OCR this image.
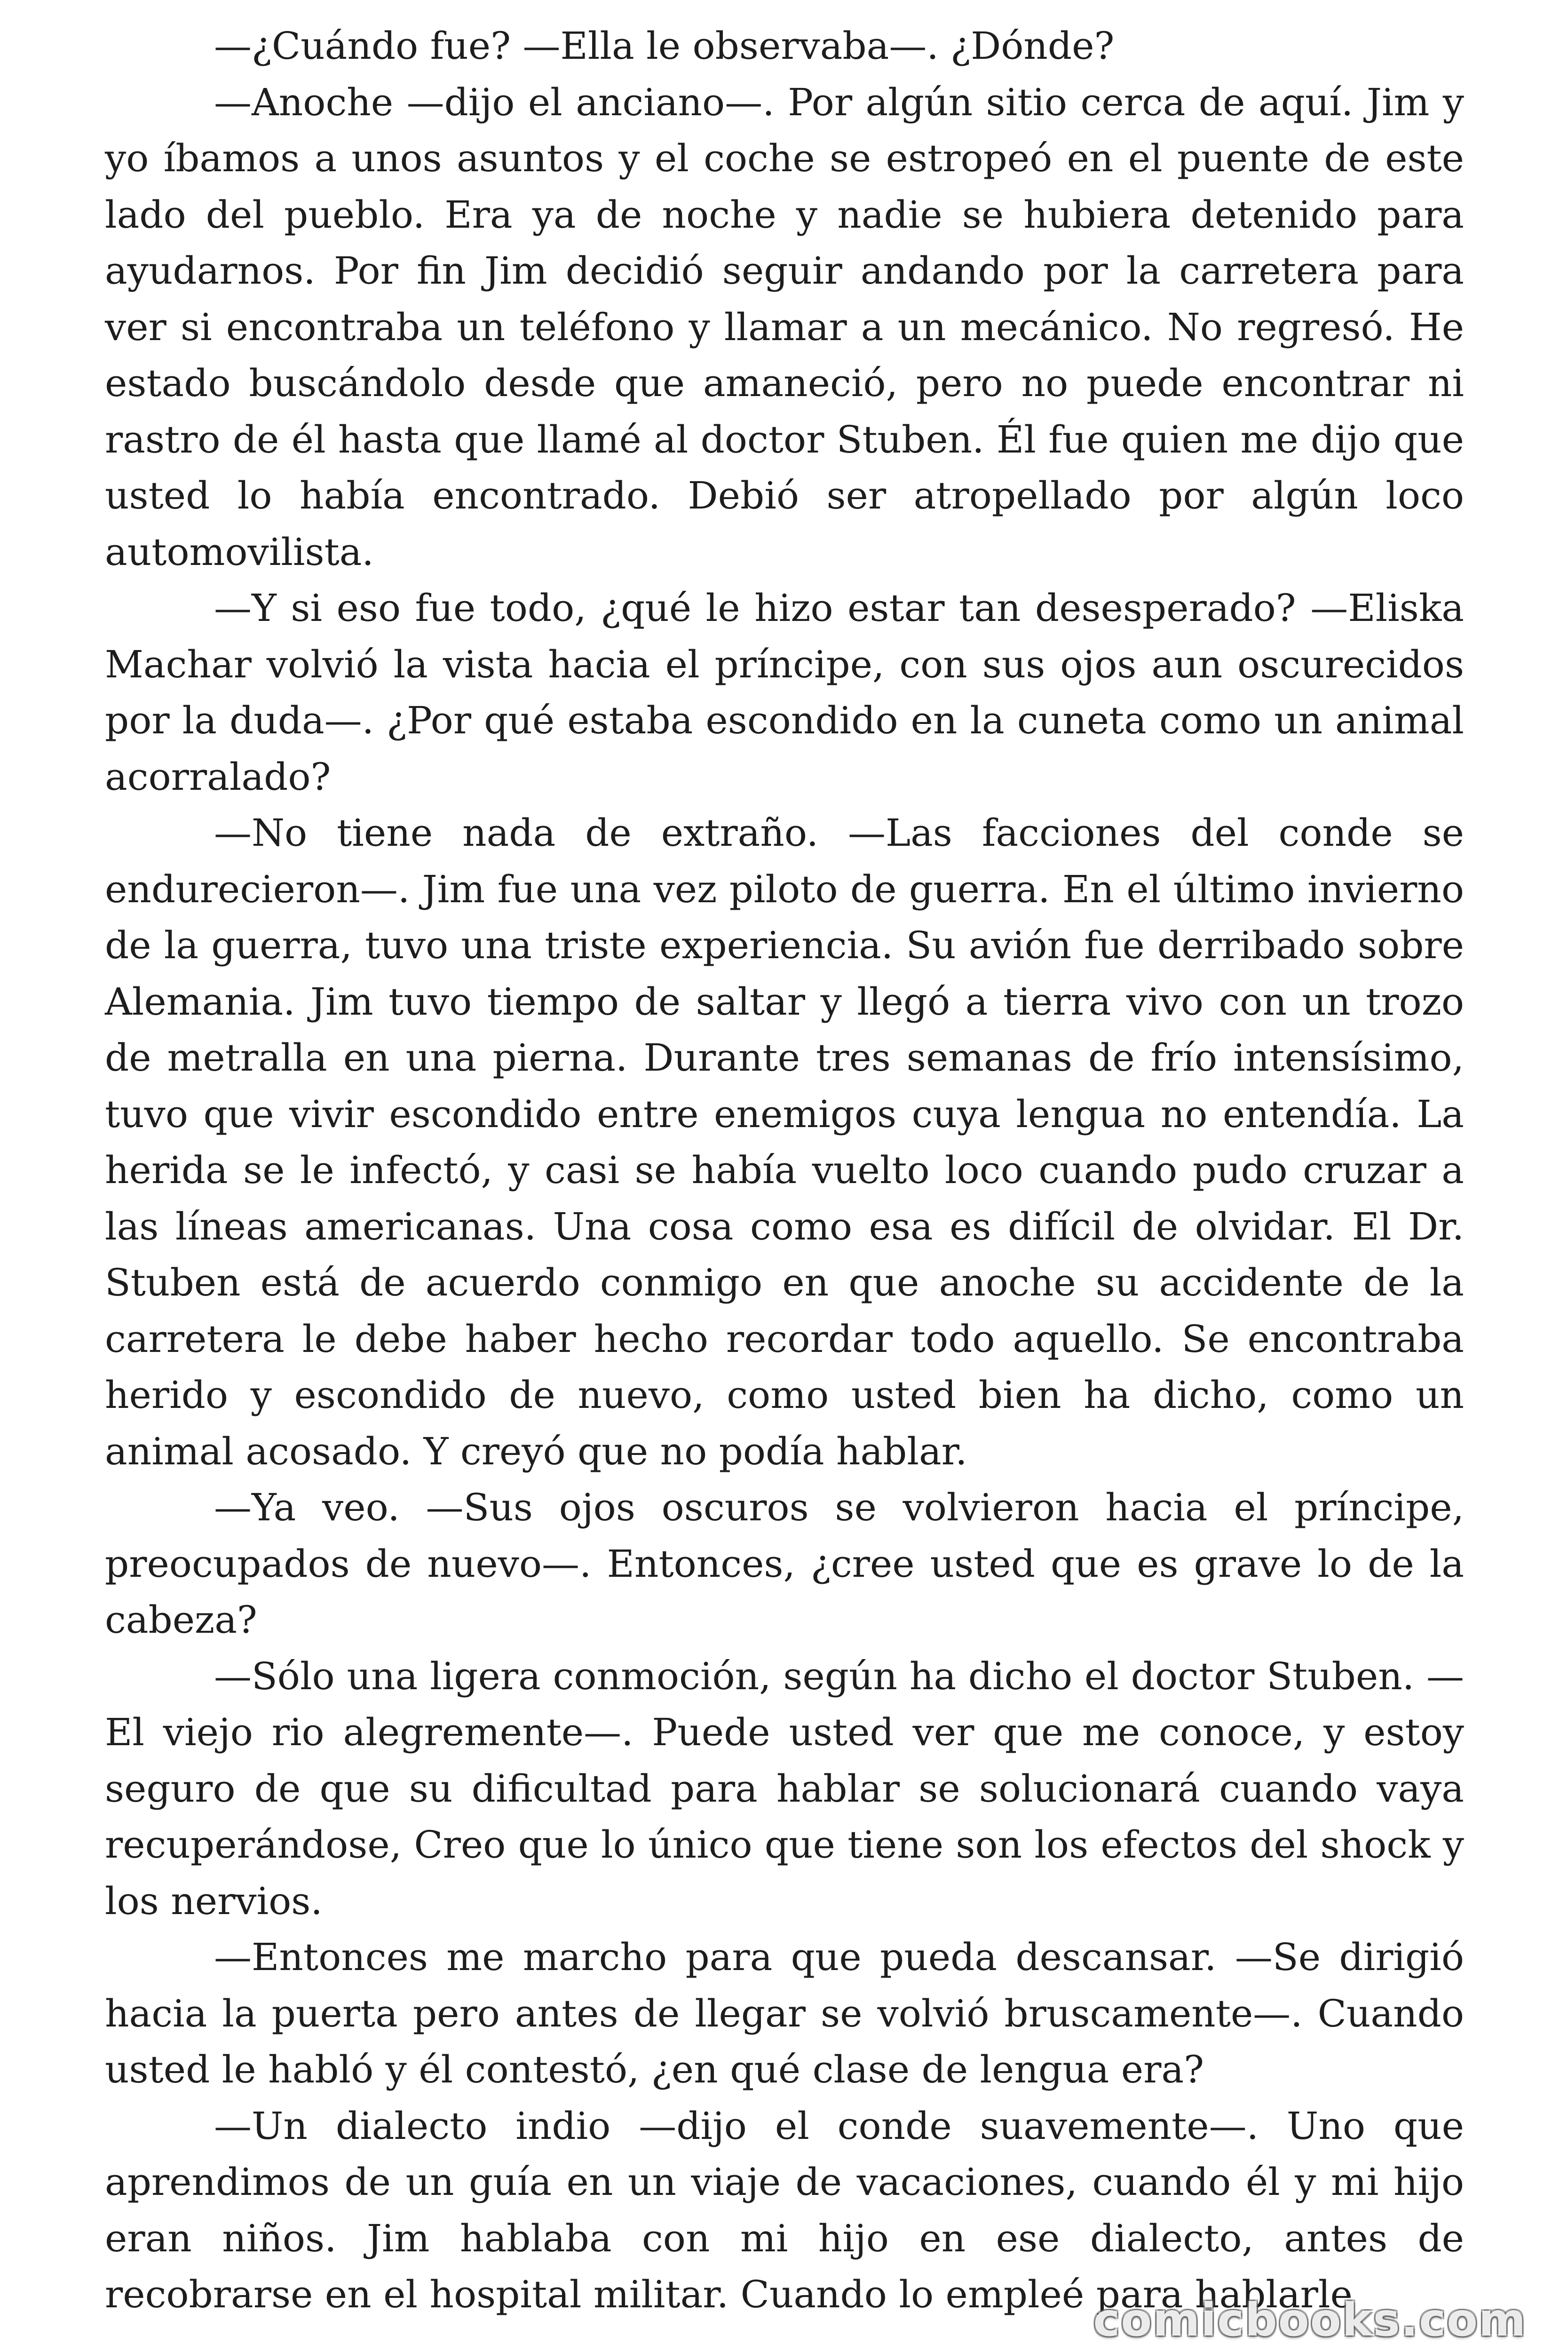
—¿Cuándo fue? —Ella le observaba—. ¿Dónde?

—Anoche —dijo el anciano—. Por algún sitio cerca de aquí. Jim y yo íbamos a unos asuntos y el coche se estropeó en el puente de este lado del pueblo. Era ya de noche y nadie se hubiera detenido para ayudarnos. Por fin Jim decidió seguir andando por la carretera para ver si encontraba un teléfono y llamar a un mecánico. No regresó. He estado buscándolo desde que amaneció, pero no puede encontrar ni rastro de él hasta que llamé al doctor Stuben. Él fue quien me dijo que usted lo había encontrado. Debió ser atropellado por algún loco automovilista.

—Y si eso fue todo, ¿qué le hizo estar tan desesperado? —Eliska Machar volvió la vista hacia el príncipe, con sus ojos aun oscurecidos por la duda—. ¿Por qué estaba escondido en la cuneta como un animal acorralado?

—No tiene nada de extraño. —Las facciones del conde se endurecieron—. Jim fue una vez piloto de guerra. En el último invierno de la guerra, tuvo una triste experiencia. Su avión fue derribado sobre Alemania. Jim tuvo tiempo de saltar y llegó a tierra vivo con un trozo de metralla en una pierna. Durante tres semanas de frío intensísimo, tuvo que vivir escondido entre enemigos cuya lengua no entendía. La herida se le infectó, y casi se había vuelto loco cuando pudo cruzar a las líneas americanas. Una cosa como esa es difícil de olvidar. El Dr. Stuben está de acuerdo conmigo en que anoche su accidente de la carretera le debe haber hecho recordar todo aquello. Se encontraba herido y escondido de nuevo, como usted bien ha dicho, como un animal acosado. Y creyó que no podía hablar.

—Ya veo. —Sus ojos oscuros se volvieron hacia el príncipe, preocupados de nuevo—. Entonces, ¿cree usted que es grave lo de la cabeza?

—Sólo una ligera conmoción, según ha dicho el doctor Stuben. —El viejo rio alegremente—. Puede usted ver que me conoce, y estoy seguro de que su dificultad para hablar se solucionará cuando vaya recuperándose, Creo que lo único que tiene son los efectos del shock y los nervios.

—Entonces me marcho para que pueda descansar. —Se dirigió hacia la puerta pero antes de llegar se volvió bruscamente—. Cuando usted le habló y él contestó, ¿en qué clase de lengua era?

—Un dialecto indio —dijo el conde suavemente—. Uno que aprendimos de un guía en un viaje de vacaciones, cuando él y mi hijo eran niños. Jim hablaba con mi hijo en ese dialecto, antes de recobrarse en el hospital militar. Cuando lo empleé para hablarle

comicbooks.com
